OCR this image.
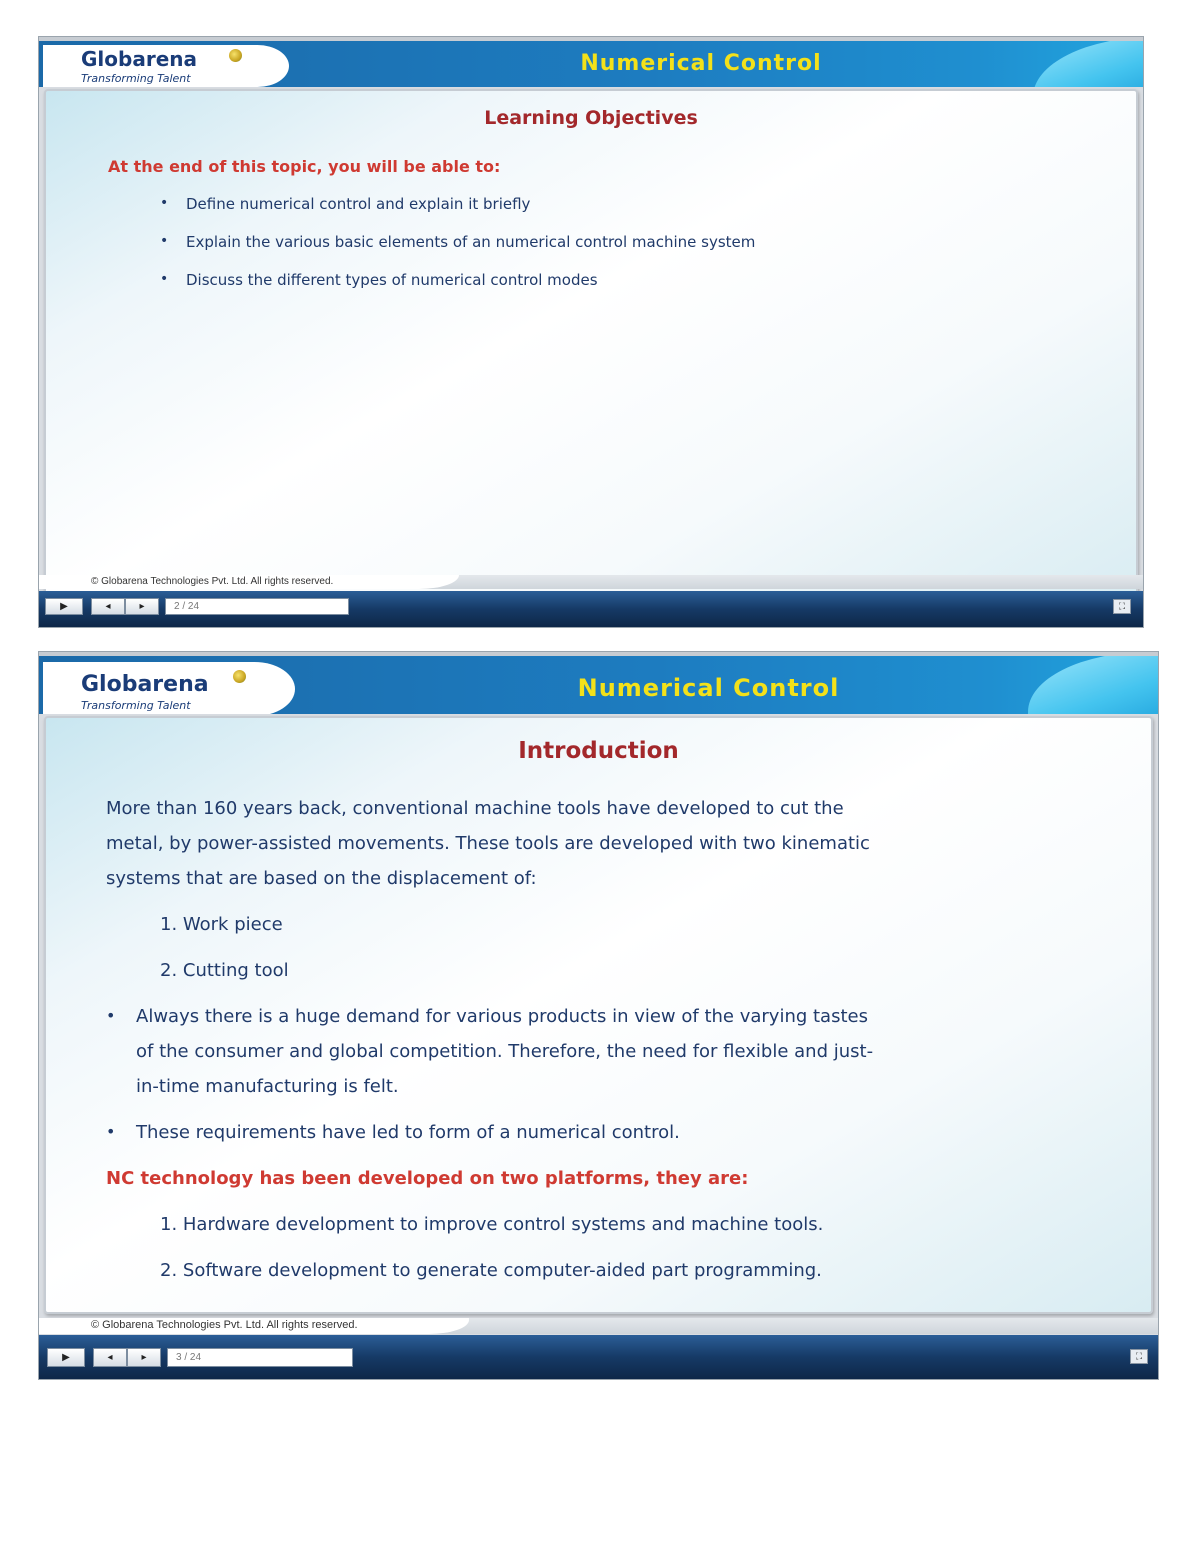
Globarena
Transforming Talent
Numerical Control
Learning Objectives
At the end of this topic, you will be able to:
• Define numerical control and explain it briefly
• Explain the various basic elements of an numerical control machine system
• Discuss the different types of numerical control modes
© Globarena Technologies Pvt. Ltd. All rights reserved.
▶	◂	▸	2 / 24	⛶
Globarena
Transforming Talent
Numerical Control
Introduction
More than 160 years back, conventional machine tools have developed to cut the
metal, by power-assisted movements. These tools are developed with two kinematic
systems that are based on the displacement of:
1. Work piece
2. Cutting tool
• Always there is a huge demand for various products in view of the varying tastes
of the consumer and global competition. Therefore, the need for flexible and just-
in-time manufacturing is felt.
• These requirements have led to form of a numerical control.
NC technology has been developed on two platforms, they are:
1. Hardware development to improve control systems and machine tools.
2. Software development to generate computer-aided part programming.
© Globarena Technologies Pvt. Ltd. All rights reserved.
▶	◂	▸	3 / 24	⛶
